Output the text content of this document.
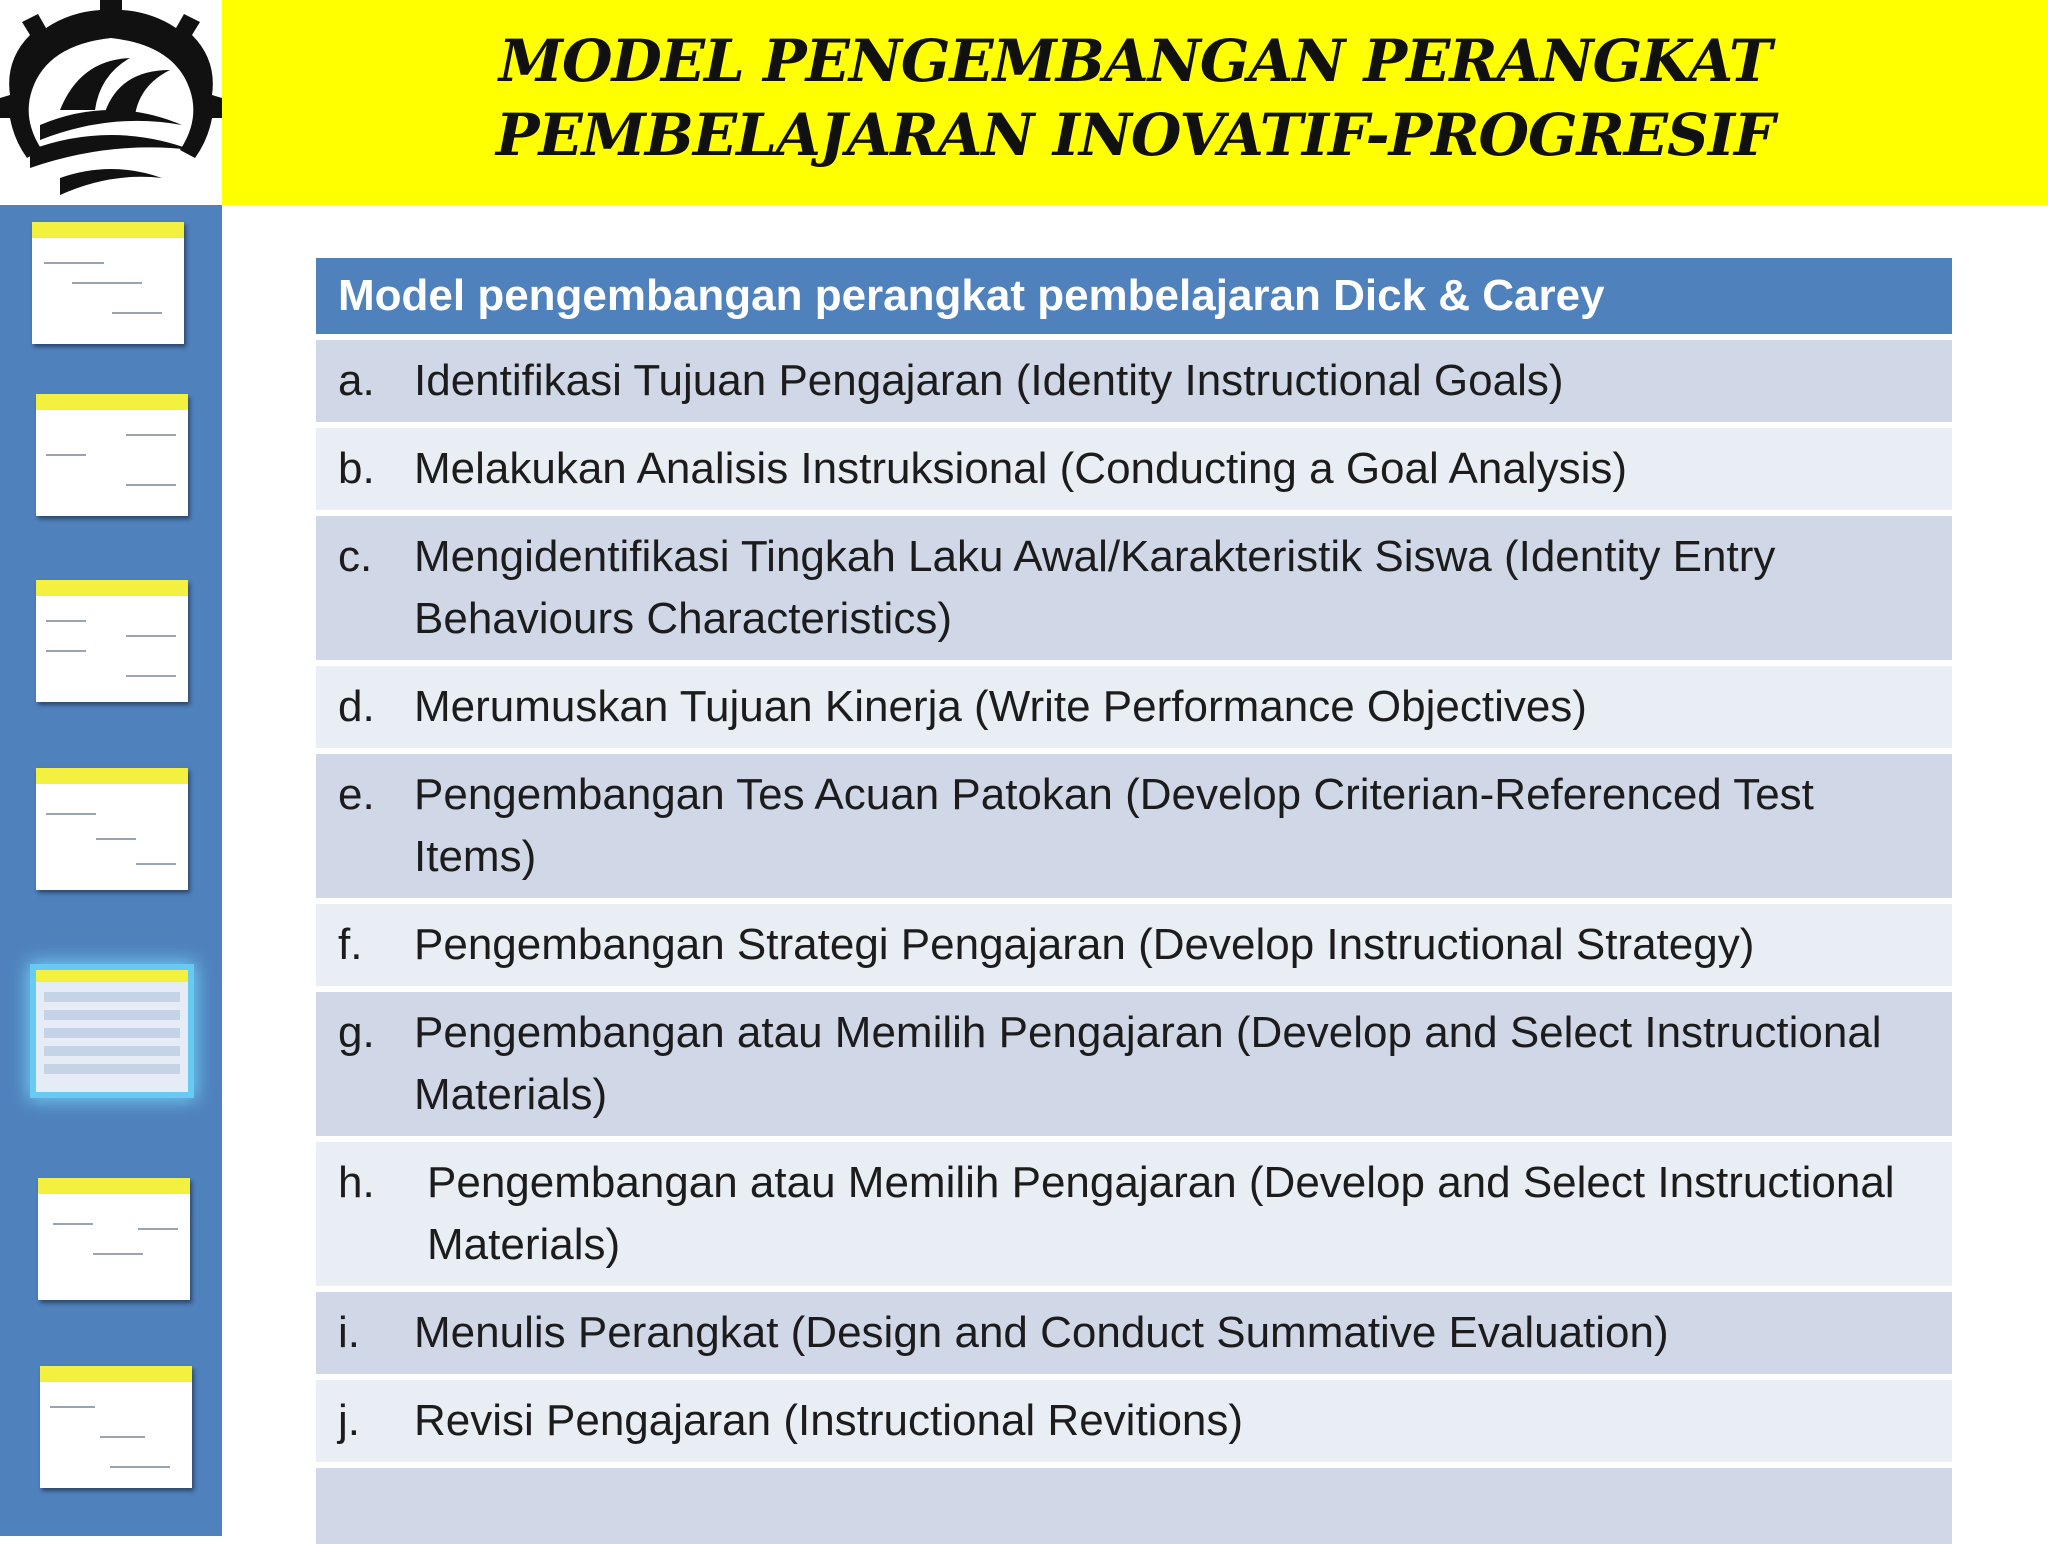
MODEL PENGEMBANGAN PERANGKAT
PEMBELAJARAN INOVATIF-PROGRESIF
Model pengembangan perangkat pembelajaran Dick & Carey
a. Identifikasi Tujuan Pengajaran (Identity Instructional Goals)
b. Melakukan Analisis Instruksional (Conducting a Goal Analysis)
c. Mengidentifikasi Tingkah Laku Awal/Karakteristik Siswa (Identity Entry Behaviours Characteristics)
d. Merumuskan Tujuan Kinerja (Write Performance Objectives)
e. Pengembangan Tes Acuan Patokan (Develop Criterian-Referenced Test Items)
f. Pengembangan Strategi Pengajaran (Develop Instructional Strategy)
g. Pengembangan atau Memilih Pengajaran (Develop and Select Instructional Materials)
h. Pengembangan atau Memilih Pengajaran (Develop and Select Instructional Materials)
i. Menulis Perangkat (Design and Conduct Summative Evaluation)
j. Revisi Pengajaran (Instructional Revitions)
